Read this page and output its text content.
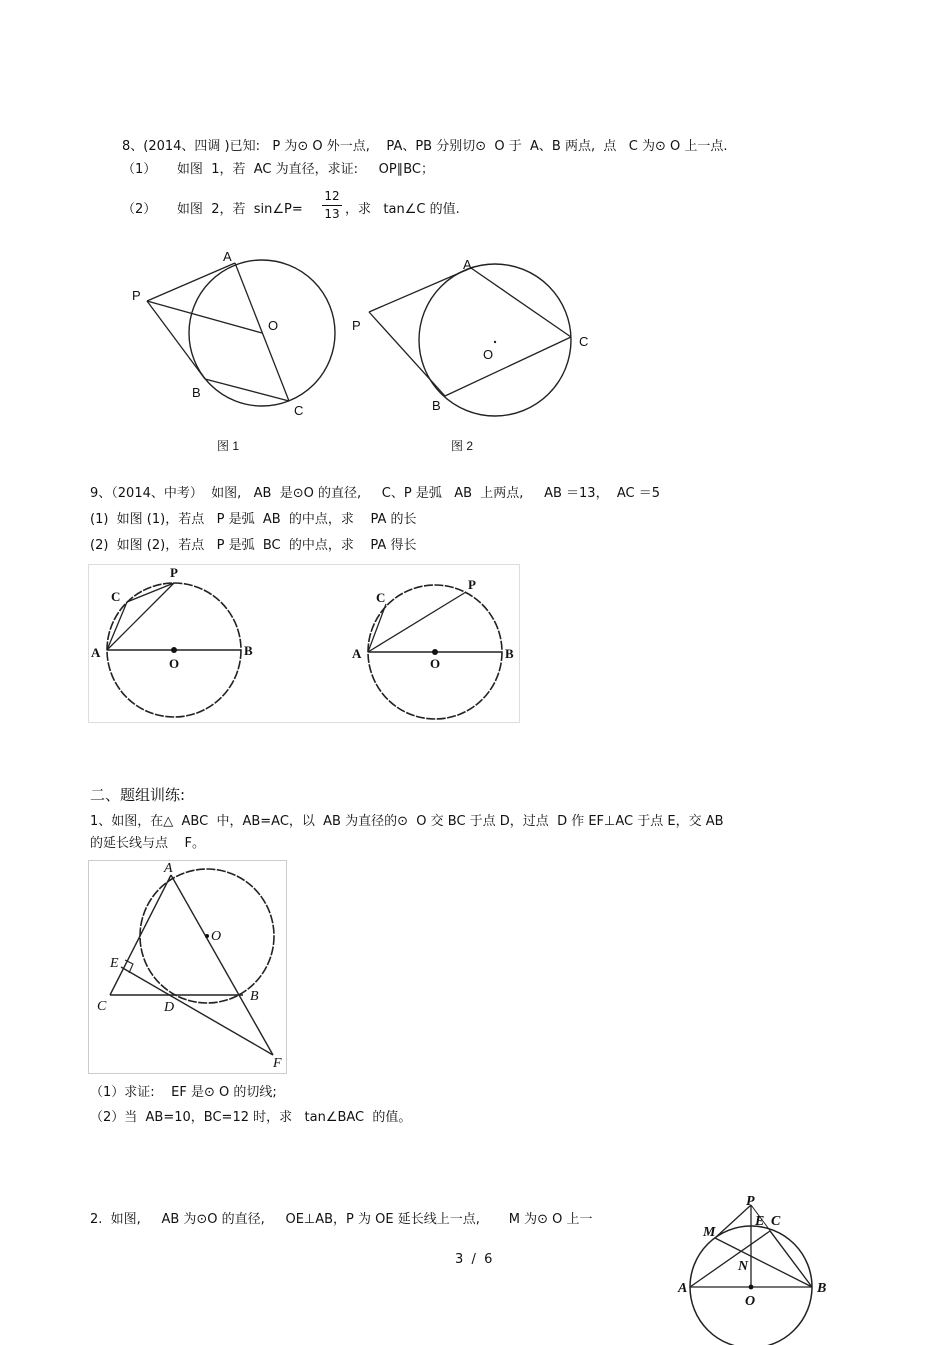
8、(2014、四调 )已知:   P 为⊙ O 外一点,    PA、PB 分别切⊙  O 于  A、B 两点,  点   C 为⊙ O 上一点.
（1）     如图  1，若  AC 为直径，求证:     OP∥BC；
（2）     如图  2，若  sin∠P=
12
13 ，求   tan∠C 的值.
A
P
O
B
C
图 1
A
P
O
C
B
图 2
9、（2014、中考）  如图,   AB  是⊙O 的直径,     C、P 是弧   AB  上两点,     AB ＝13，  AC ＝5
(1)  如图 (1)，若点   P 是弧  AB  的中点，求    PA 的长
(2)  如图 (2)，若点   P 是弧  BC  的中点，求    PA 得长
A	B
C
P
O
A	B
C
P
O
二、题组训练:
1、如图，在△  ABC  中，AB=AC，以  AB 为直径的⊙  O 交 BC 于点 D，过点  D 作 EF⊥AC 于点 E，交 AB
的延长线与点    F。
A
O
E
C	D
B
F
（1）求证:    EF 是⊙ O 的切线;
（2）当  AB=10，BC=12 时，求   tan∠BAC  的值。
2.  如图,     AB 为⊙O 的直径,     OE⊥AB，P 为 OE 延长线上一点,       M 为⊙ O 上一
P
M
E C
N
A
O
B
3  /  6
